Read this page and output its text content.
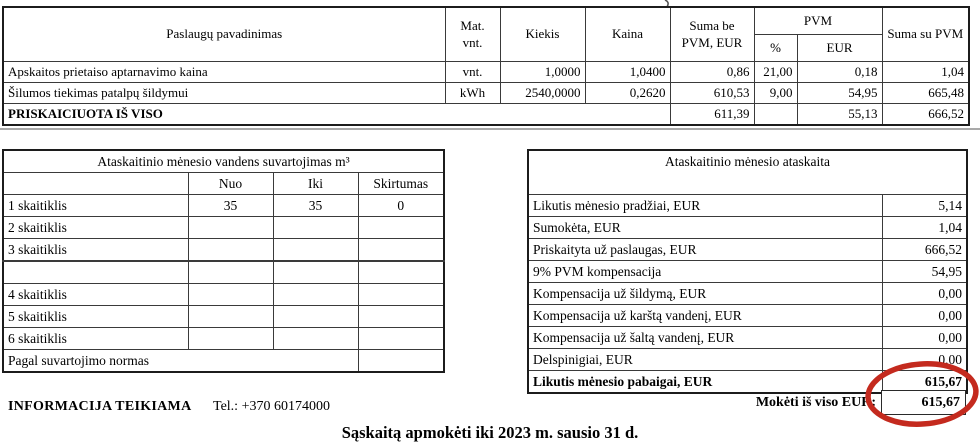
Paslaugų pavadinimas	Mat. vnt.	Kiekis	Kaina	Suma be PVM, EUR	PVM		Suma su PVM
					%	EUR	
Apskaitos prietaiso aptarnavimo kaina	vnt.	1,0000	1,0400	0,86	21,00	0,18	1,04
Šilumos tiekimas patalpų šildymui	kWh	2540,0000	0,2620	610,53	9,00	54,95	665,48
PRISKAICIUOTA IŠ VISO				611,39		55,13	666,52
Ataskaitinio mėnesio vandens suvartojimas m³			
	Nuo	Iki	Skirtumas
1 skaitiklis	35	35	0
2 skaitiklis			
3 skaitiklis			

4 skaitiklis			
5 skaitiklis			
6 skaitiklis			
Pagal suvartojimo normas			
Ataskaitinio mėnesio ataskaita	
Likutis mėnesio pradžiai, EUR	5,14
Sumokėta, EUR	1,04
Priskaityta už paslaugas, EUR	666,52
9% PVM kompensacija	54,95
Kompensacija už šildymą, EUR	0,00
Kompensacija už karštą vandenį, EUR	0,00
Kompensacija už šaltą vandenį, EUR	0,00
Delspinigiai, EUR	0,00
Likutis mėnesio pabaigai, EUR	615,67
Mokėti iš viso EUR:	615,67
INFORMACIJA TEIKIAMA Tel.: +370 60174000
Sąskaitą apmokėti iki 2023 m. sausio 31 d.
